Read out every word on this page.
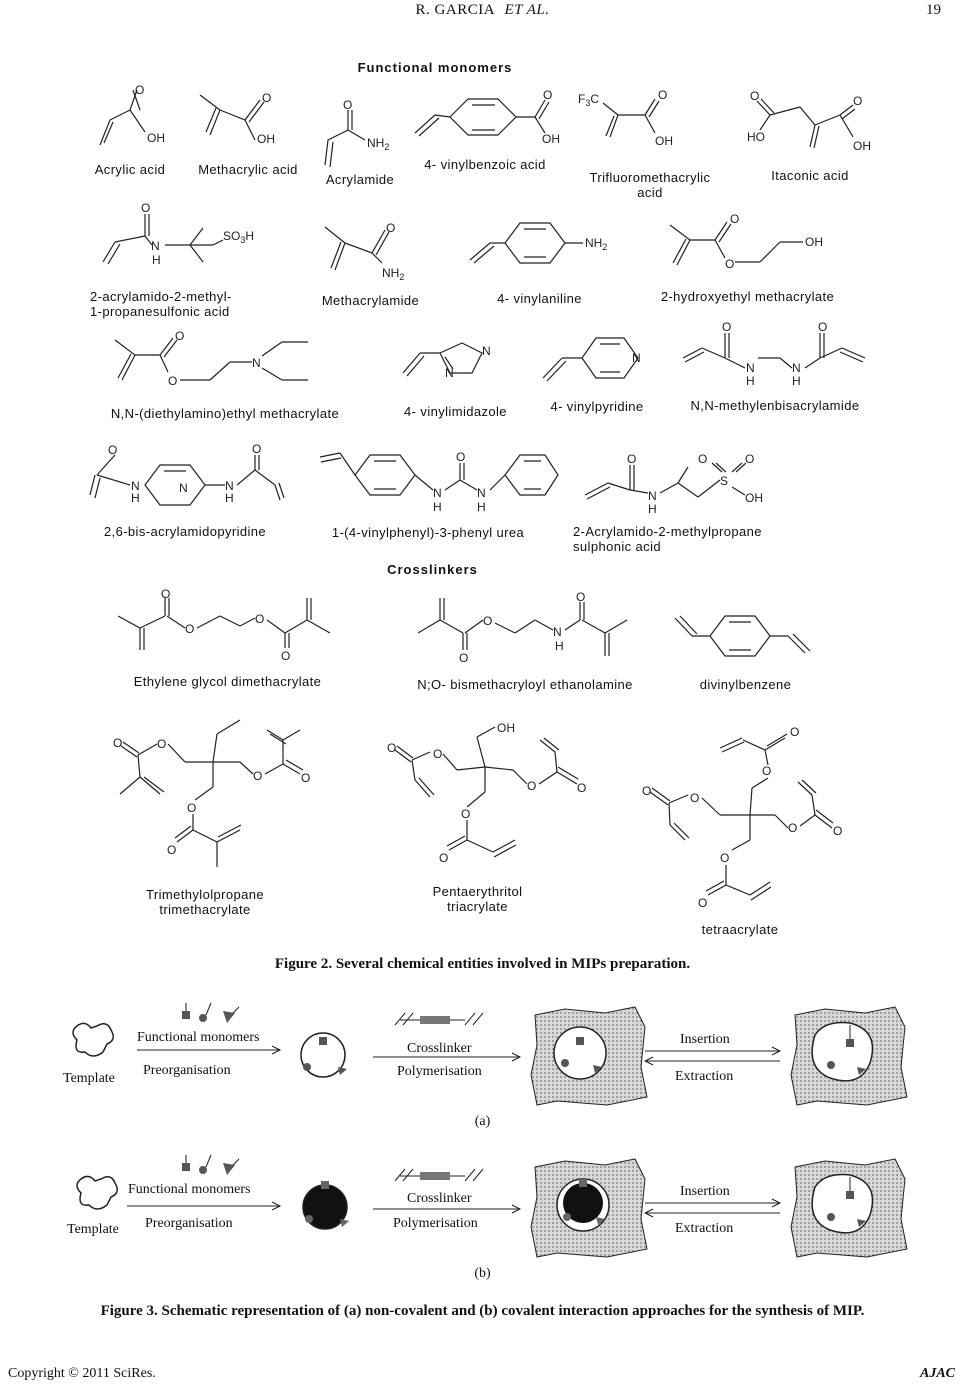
R. GARCIA ET AL.	19
Functional monomers
O
OH
Acrylic acid
O
OH
Methacrylic acid
O
$NH_2$
Acrylamide
O
OH
4- vinylbenzoic acid
$F_3C$	O
OH
Trifluoromethacrylic
acid
O
HO
O
OH
Itaconic acid
O
N
H
$SO_3H$
2-acrylamido-2-methyl-
1-propanesulfonic acid
O
$NH_2$
Methacrylamide
$NH_2$
4- vinylaniline
O
O
OH
2-hydroxyethyl methacrylate
O
O
N
N,N-(diethylamino)ethyl methacrylate
N
N
4- vinylimidazole
N
4- vinylpyridine
O	O
N
H
N
H
N,N-methylenbisacrylamide
O
N
H
N	N
H
O
2,6-bis-acrylamidopyridine
N
H
O
N
H
1-(4-vinylphenyl)-3-phenyl urea
O
N
H
S
O	O
OH
2-Acrylamido-2-methylpropane
sulphonic acid
Crosslinkers
O
O
O
O
Ethylene glycol dimethacrylate
O
O
N
H
O
N;O- bismethacryloyl ethanolamine	divinylbenzene
O	O
O	O
O
O
Trimethylolpropane
trimethacrylate
OH
O	O
O	O
O
O
Pentaerythritol
triacrylate
O
O
O	O
O	O
O
O
tetraacrylate
Figure 2. Several chemical entities involved in MIPs preparation.
Template
Functional monomers
Preorganisation
Crosslinker
Polymerisation
Insertion
Extraction
(a)
Template
Functional monomers
Preorganisation
Crosslinker
Polymerisation
Insertion
Extraction
(b)
Figure 3. Schematic representation of (a) non-covalent and (b) covalent interaction approaches for the synthesis of MIP.
Copyright © 2011 SciRes.	AJAC
